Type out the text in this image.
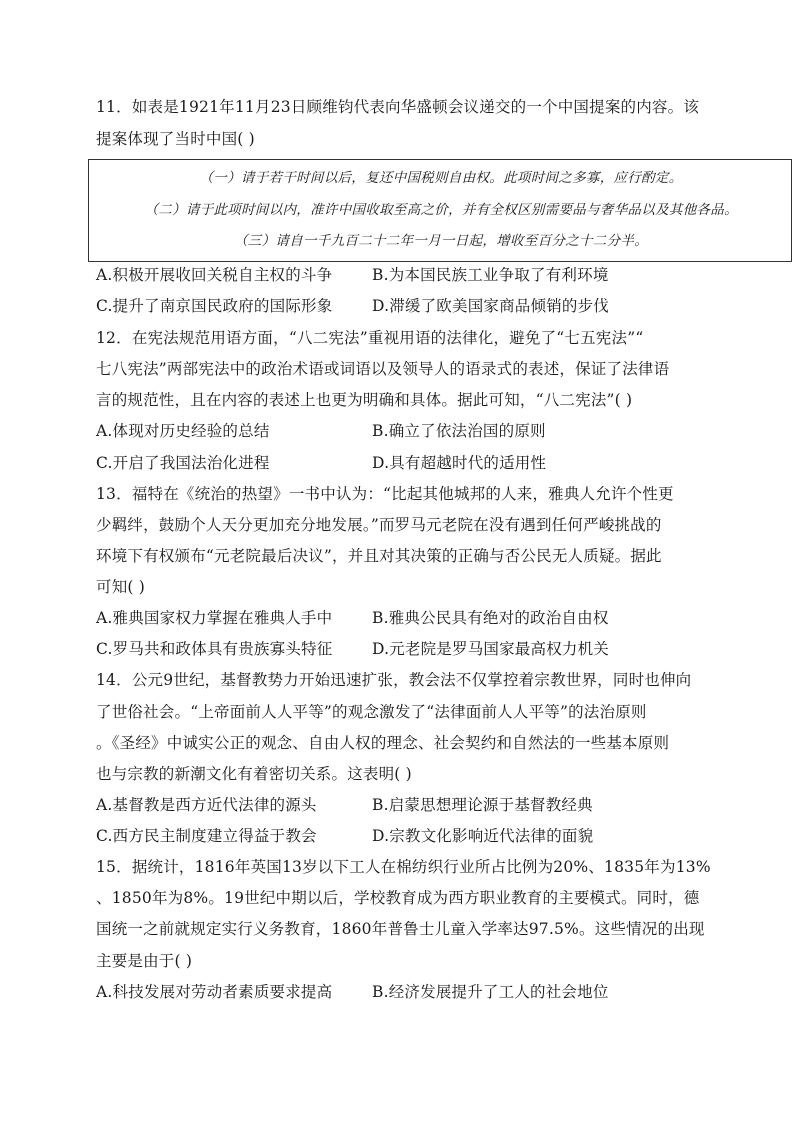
11．如表是1921年11月23日顾维钧代表向华盛顿会议递交的一个中国提案的内容。该
提案体现了当时中国( )
（一）请于若干时间以后，复还中国税则自由权。此项时间之多寡，应行酌定。
（二）请于此项时间以内，准许中国收取至高之价，并有全权区别需要品与奢华品以及其他各品。
（三）请自一千九百二十二年一月一日起，增收至百分之十二分半。
A.积极开展收回关税自主权的斗争	B.为本国民族工业争取了有利环境
C.提升了南京国民政府的国际形象	D.滞缓了欧美国家商品倾销的步伐
12．在宪法规范用语方面，“八二宪法”重视用语的法律化，避免了“七五宪法”“
七八宪法”两部宪法中的政治术语或词语以及领导人的语录式的表述，保证了法律语
言的规范性，且在内容的表述上也更为明确和具体。据此可知，“八二宪法”( )
A.体现对历史经验的总结	B.确立了依法治国的原则
C.开启了我国法治化进程	D.具有超越时代的适用性
13．福特在《统治的热望》一书中认为：“比起其他城邦的人来，雅典人允许个性更
少羁绊，鼓励个人天分更加充分地发展。”而罗马元老院在没有遇到任何严峻挑战的
环境下有权颁布“元老院最后决议”，并且对其决策的正确与否公民无人质疑。据此
可知( )
A.雅典国家权力掌握在雅典人手中	B.雅典公民具有绝对的政治自由权
C.罗马共和政体具有贵族寡头特征	D.元老院是罗马国家最高权力机关
14．公元9世纪，基督教势力开始迅速扩张，教会法不仅掌控着宗教世界，同时也伸向
了世俗社会。“上帝面前人人平等”的观念激发了“法律面前人人平等”的法治原则
。《圣经》中诚实公正的观念、自由人权的理念、社会契约和自然法的一些基本原则
也与宗教的新潮文化有着密切关系。这表明( )
A.基督教是西方近代法律的源头	B.启蒙思想理论源于基督教经典
C.西方民主制度建立得益于教会	D.宗教文化影响近代法律的面貌
15．据统计，1816年英国13岁以下工人在棉纺织行业所占比例为20%、1835年为13%
、1850年为8%。19世纪中期以后，学校教育成为西方职业教育的主要模式。同时，德
国统一之前就规定实行义务教育，1860年普鲁士儿童入学率达97.5%。这些情况的出现
主要是由于( )
A.科技发展对劳动者素质要求提高	B.经济发展提升了工人的社会地位
